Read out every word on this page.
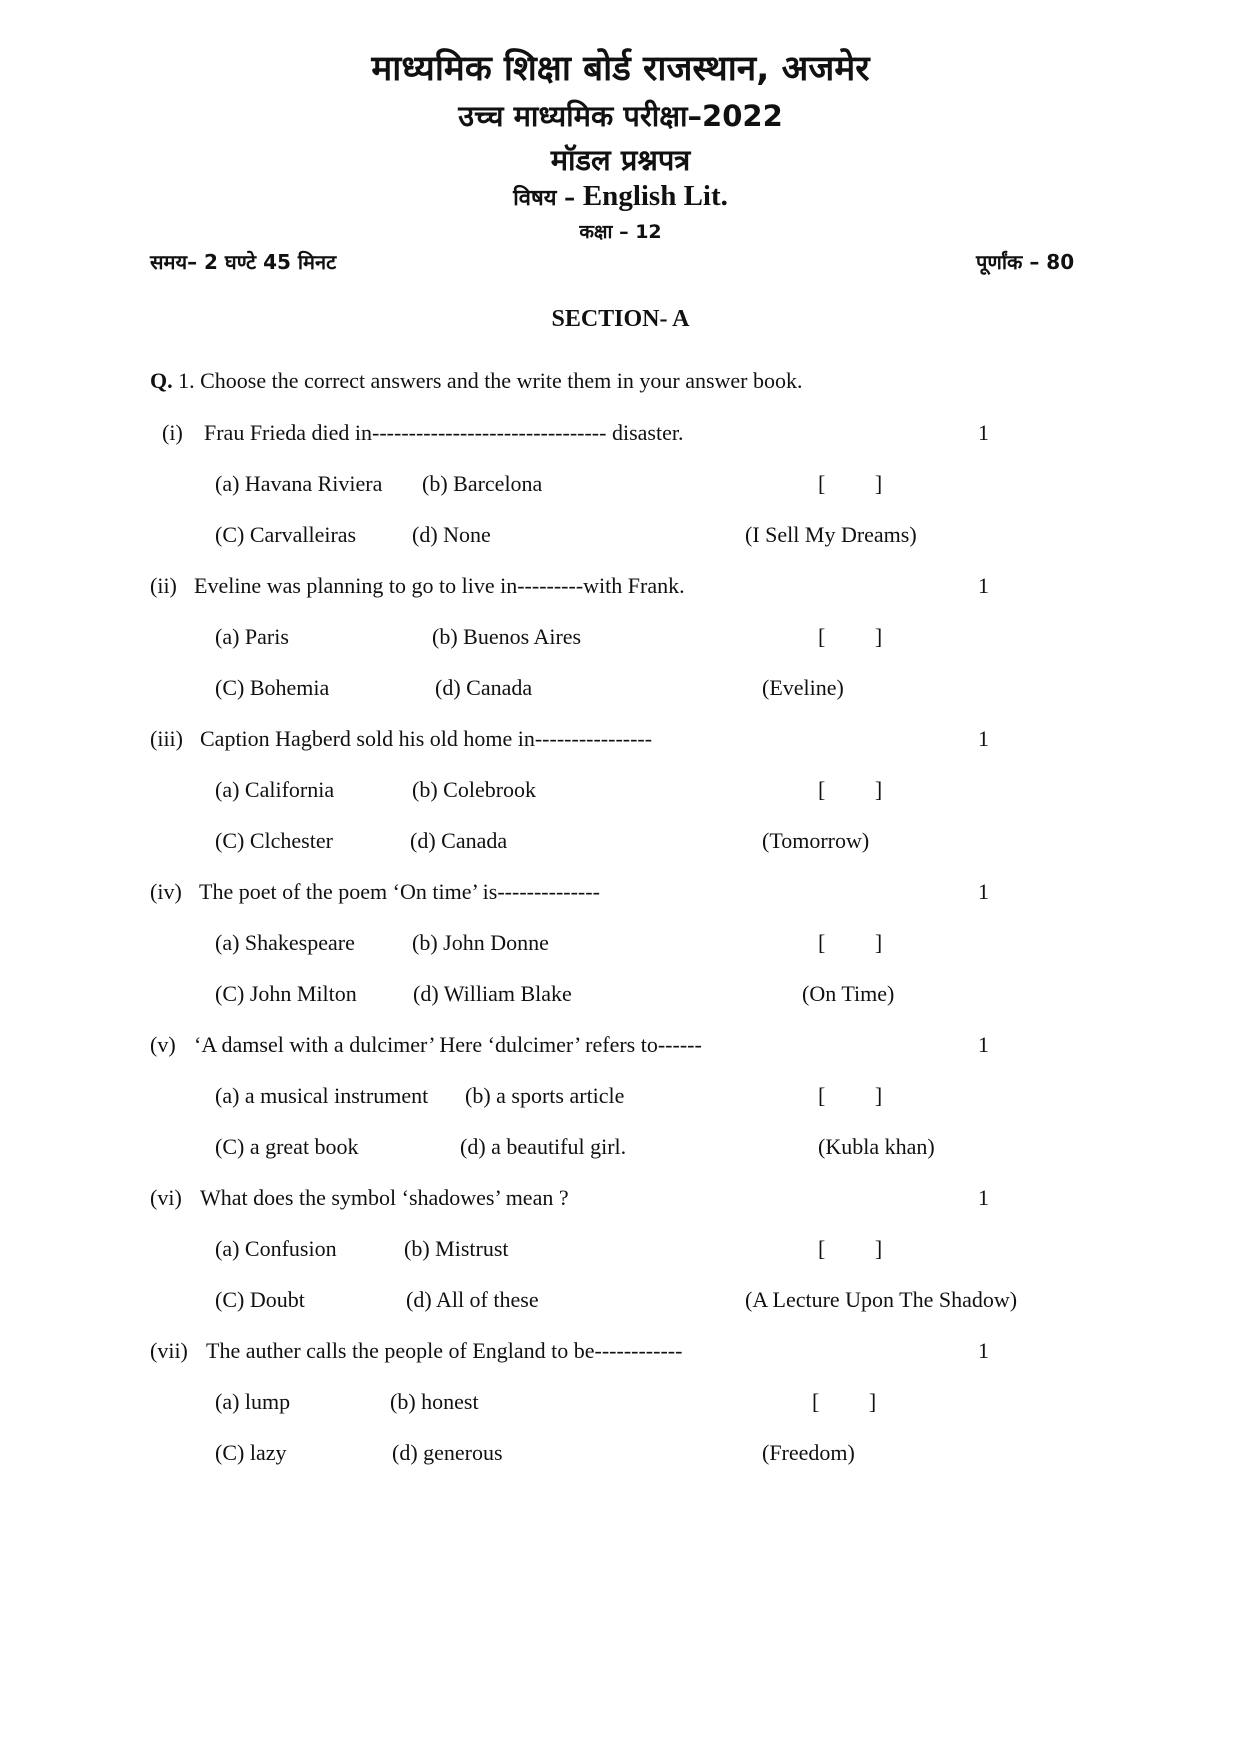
माध्यमिक शिक्षा बोर्ड राजस्थान, अजमेर
उच्च माध्यमिक परीक्षा–2022
मॉडल प्रश्नपत्र
विषय – English Lit.
कक्षा – 12
समय– 2 घण्टे 45 मिनट	पूर्णांक – 80
SECTION- A
Q. 1. Choose the correct answers and the write them in your answer book.
(i) Frau Frieda died in-------------------------------- disaster.	1
(a) Havana Riviera (b) Barcelona	[         ]
(C) Carvalleiras	(d) None	(I Sell My Dreams)
(ii) Eveline was planning to go to live in---------with Frank.	1
(a) Paris	(b) Buenos Aires	[         ]
(C) Bohemia	(d) Canada	(Eveline)
(iii) Caption Hagberd sold his old home in----------------	1
(a) California	(b) Colebrook	[         ]
(C) Clchester	(d) Canada	(Tomorrow)
(iv) The poet of the poem ‘On time’ is--------------	1
(a) Shakespeare	(b) John Donne	[         ]
(C) John Milton	(d) William Blake	(On Time)
(v) ‘A damsel with a dulcimer’ Here ‘dulcimer’ refers to------	1
(a) a musical instrument (b) a sports article	[         ]
(C) a great book	(d) a beautiful girl.	(Kubla khan)
(vi) What does the symbol ‘shadowes’ mean ?	1
(a) Confusion	(b) Mistrust	[         ]
(C) Doubt	(d) All of these	(A Lecture Upon The Shadow)
(vii) The auther calls the people of England to be------------	1
(a) lump	(b) honest	[         ]
(C) lazy	(d) generous	(Freedom)
